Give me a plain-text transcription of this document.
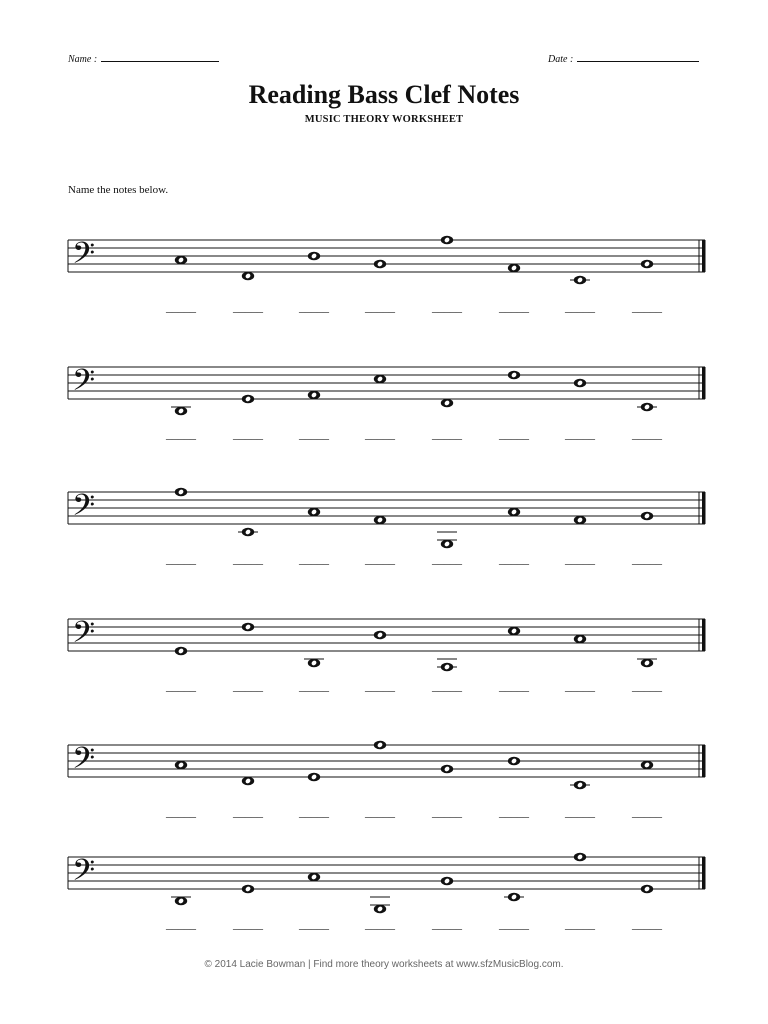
Name :	Date :
Reading Bass Clef Notes
MUSIC THEORY WORKSHEET
Name the notes below.
𝄢
_____	_____	_____	_____	_____	_____	_____	_____
𝄢
_____	_____	_____	_____	_____	_____	_____	_____
𝄢
_____	_____	_____	_____	_____	_____	_____	_____
𝄢
_____	_____	_____	_____	_____	_____	_____	_____
𝄢
_____	_____	_____	_____	_____	_____	_____	_____
𝄢
_____	_____	_____	_____	_____	_____	_____	_____
© 2014 Lacie Bowman | Find more theory worksheets at www.sfzMusicBlog.com.
